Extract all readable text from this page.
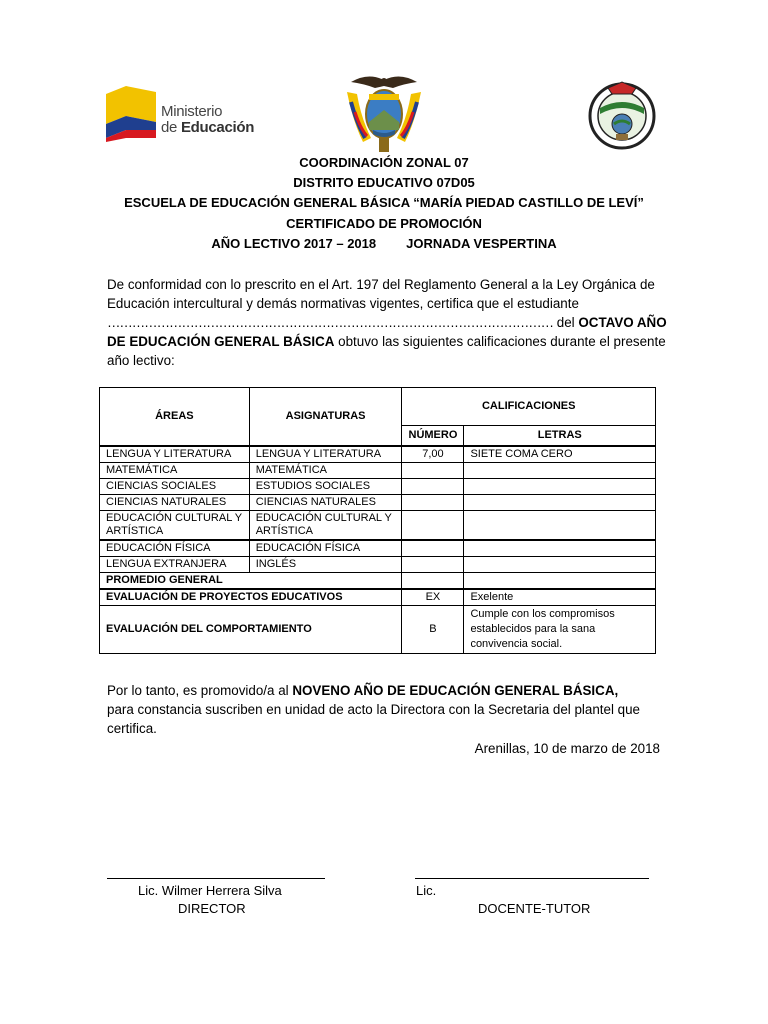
Ministerio
de Educación
COORDINACIÓN ZONAL 07
DISTRITO EDUCATIVO 07D05
ESCUELA DE EDUCACIÓN GENERAL BÁSICA “MARÍA PIEDAD CASTILLO DE LEVÍ”
CERTIFICADO DE PROMOCIÓN
AÑO LECTIVO 2017 – 2018 JORNADA VESPERTINA
De conformidad con lo prescrito en el Art. 197 del Reglamento General a la Ley Orgánica de Educación intercultural y demás normativas vigentes, certifica que el estudiante ……………………………………………………………………………………………… del OCTAVO AÑO DE EDUCACIÓN GENERAL BÁSICA obtuvo las siguientes calificaciones durante el presente año lectivo:
ÁREAS	ASIGNATURAS	CALIFICACIONES	
		NÚMERO	LETRAS
LENGUA Y LITERATURA	LENGUA Y LITERATURA	7,00	SIETE COMA CERO
MATEMÁTICA	MATEMÁTICA		
CIENCIAS SOCIALES	ESTUDIOS SOCIALES		
CIENCIAS NATURALES	CIENCIAS NATURALES		
EDUCACIÓN CULTURAL Y ARTÍSTICA	EDUCACIÓN CULTURAL Y ARTÍSTICA		
EDUCACIÓN FÍSICA	EDUCACIÓN FÍSICA		
LENGUA EXTRANJERA	INGLÉS		
PROMEDIO GENERAL			
EVALUACIÓN DE PROYECTOS EDUCATIVOS		EX	Exelente
EVALUACIÓN DEL COMPORTAMIENTO		B	Cumple con los compromisos establecidos para la sana convivencia social.
Por lo tanto, es promovido/a al NOVENO AÑO DE EDUCACIÓN GENERAL BÁSICA, para constancia suscriben en unidad de acto la Directora con la Secretaria del plantel que certifica.
Arenillas, 10 de marzo de 2018
Lic. Wilmer Herrera Silva
DIRECTOR
Lic.
DOCENTE-TUTOR
